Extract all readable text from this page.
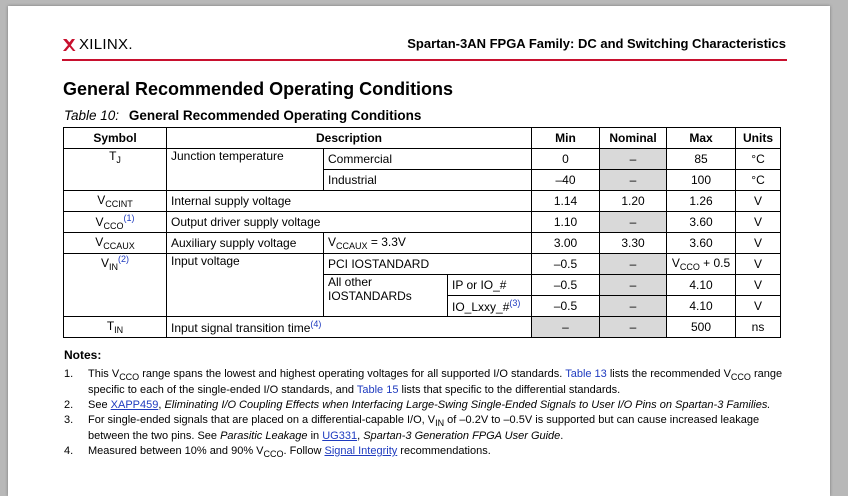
XILINX.	Spartan-3AN FPGA Family: DC and Switching Characteristics
General Recommended Operating Conditions
Table 10: General Recommended Operating Conditions
Symbol	Description			Min	Nominal	Max	Units
$T_J$	Junction temperature	Commercial		0	–	85	°C
		Industrial		–40	–	100	°C
$V_{CCINT}$	Internal supply voltage			1.14	1.20	1.26	V
$V_{CCO}^{(1)}$	Output driver supply voltage			1.10	–	3.60	V
$V_{CCAUX}$	Auxiliary supply voltage	$V_{CCAUX} = 3.3V$		3.00	3.30	3.60	V
$V_{IN}^{(2)}$	Input voltage	PCI IOSTANDARD		–0.5	–	$V_{CCO} + 0.5$	V
		All other IOSTANDARDs	IP or IO_#	–0.5	–	4.10	V
			IO_Lxxy_#$^{(3)}$	–0.5	–	4.10	V
$T_{IN}$	Input signal transition time$^{(4)}$			–	–	500	ns
Notes:
1.	This $V_{CCO}$ range spans the lowest and highest operating voltages for all supported I/O standards. Table 13 lists the recommended $V_{CCO}$ range specific to each of the single-ended I/O standards, and Table 15 lists that specific to the differential standards.
2.	See XAPP459, Eliminating I/O Coupling Effects when Interfacing Large-Swing Single-Ended Signals to User I/O Pins on Spartan-3 Families.
3.	For single-ended signals that are placed on a differential-capable I/O, $V_{IN}$ of –0.2V to –0.5V is supported but can cause increased leakage between the two pins. See Parasitic Leakage in UG331, Spartan-3 Generation FPGA User Guide.
4.	Measured between 10% and 90% $V_{CCO}$. Follow Signal Integrity recommendations.
